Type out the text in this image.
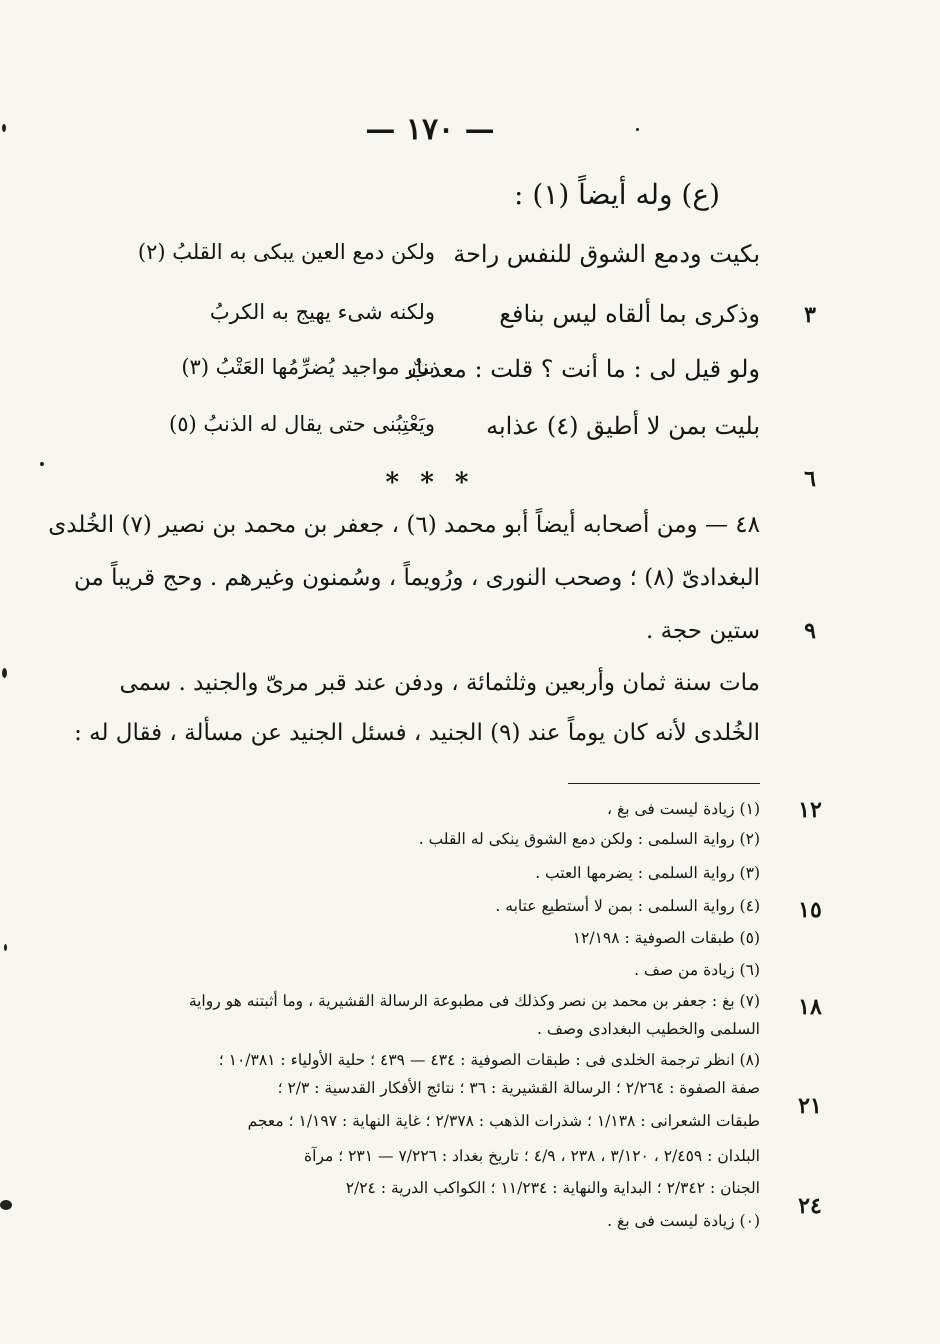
— ١٧٠ —
(ع) وله أيضاً (١) :
بكيت ودمع الشوق للنفس راحة
ولكن دمع العين يبكى به القلبُ (٢)
وذكرى بما ألقاه ليس بنافع
ولكنه شىء يهيج به الكربُ
ولو قيل لى : ما أنت ؟ قلت : معذبٌ
بنار مواجيد يُضرِّمُها العَتْبُ (٣)
بليت بمن لا أطيق (٤) عذابه
ويَعْتِبُنى حتى يقال له الذنبُ (٥)
* * *
٤٨ — ومن أصحابه أيضاً أبو محمد (٦) ، جعفر بن محمد بن نصير (٧) الخُلدى
البغدادىّ (٨) ؛ وصحب النورى ، ورُويماً ، وسُمنون وغيرهم . وحج قريباً من
ستين حجة .
مات سنة ثمان وأربعين وثلثمائة ، ودفن عند قبر مرىّ والجنيد . سمى
الخُلدى لأنه كان يوماً عند (٩) الجنيد ، فسئل الجنيد عن مسألة ، فقال له :
(١) زيادة ليست فى بغ ،
(٢) رواية السلمى : ولكن دمع الشوق ينكى له القلب .
(٣) رواية السلمى : يضرمها العتب .
(٤) رواية السلمى : بمن لا أستطيع عتابه .
(٥) طبقات الصوفية : ١٢/١٩٨
(٦) زيادة من صف .
(٧) بغ : جعفر بن محمد بن نصر وكذلك فى مطبوعة الرسالة القشيرية ، وما أثبتنه هو رواية
السلمى والخطيب البغدادى وصف .
(٨) انظر ترجمة الخلدى فى : طبقات الصوفية : ٤٣٤ — ٤٣٩ ؛ حلية الأولياء : ١٠/٣٨١ ؛
صفة الصفوة : ٢/٢٦٤ ؛ الرسالة القشيرية : ٣٦ ؛ نتائج الأفكار القدسية : ٢/٣ ؛
طبقات الشعرانى : ١/١٣٨ ؛ شذرات الذهب : ٢/٣٧٨ ؛ غاية النهاية : ١/١٩٧ ؛ معجم
البلدان : ٢/٤٥٩ ، ٣/١٢٠ ، ٢٣٨ ، ٤/٩ ؛ تاريخ بغداد : ٧/٢٢٦ — ٢٣١ ؛ مرآة
الجنان : ٢/٣٤٢ ؛ البداية والنهاية : ١١/٢٣٤ ؛ الكواكب الدرية : ٢/٢٤
(٠) زيادة ليست فى بغ .
٣
٦
٩
١٢
١٥
١٨
٢١
٢٤
